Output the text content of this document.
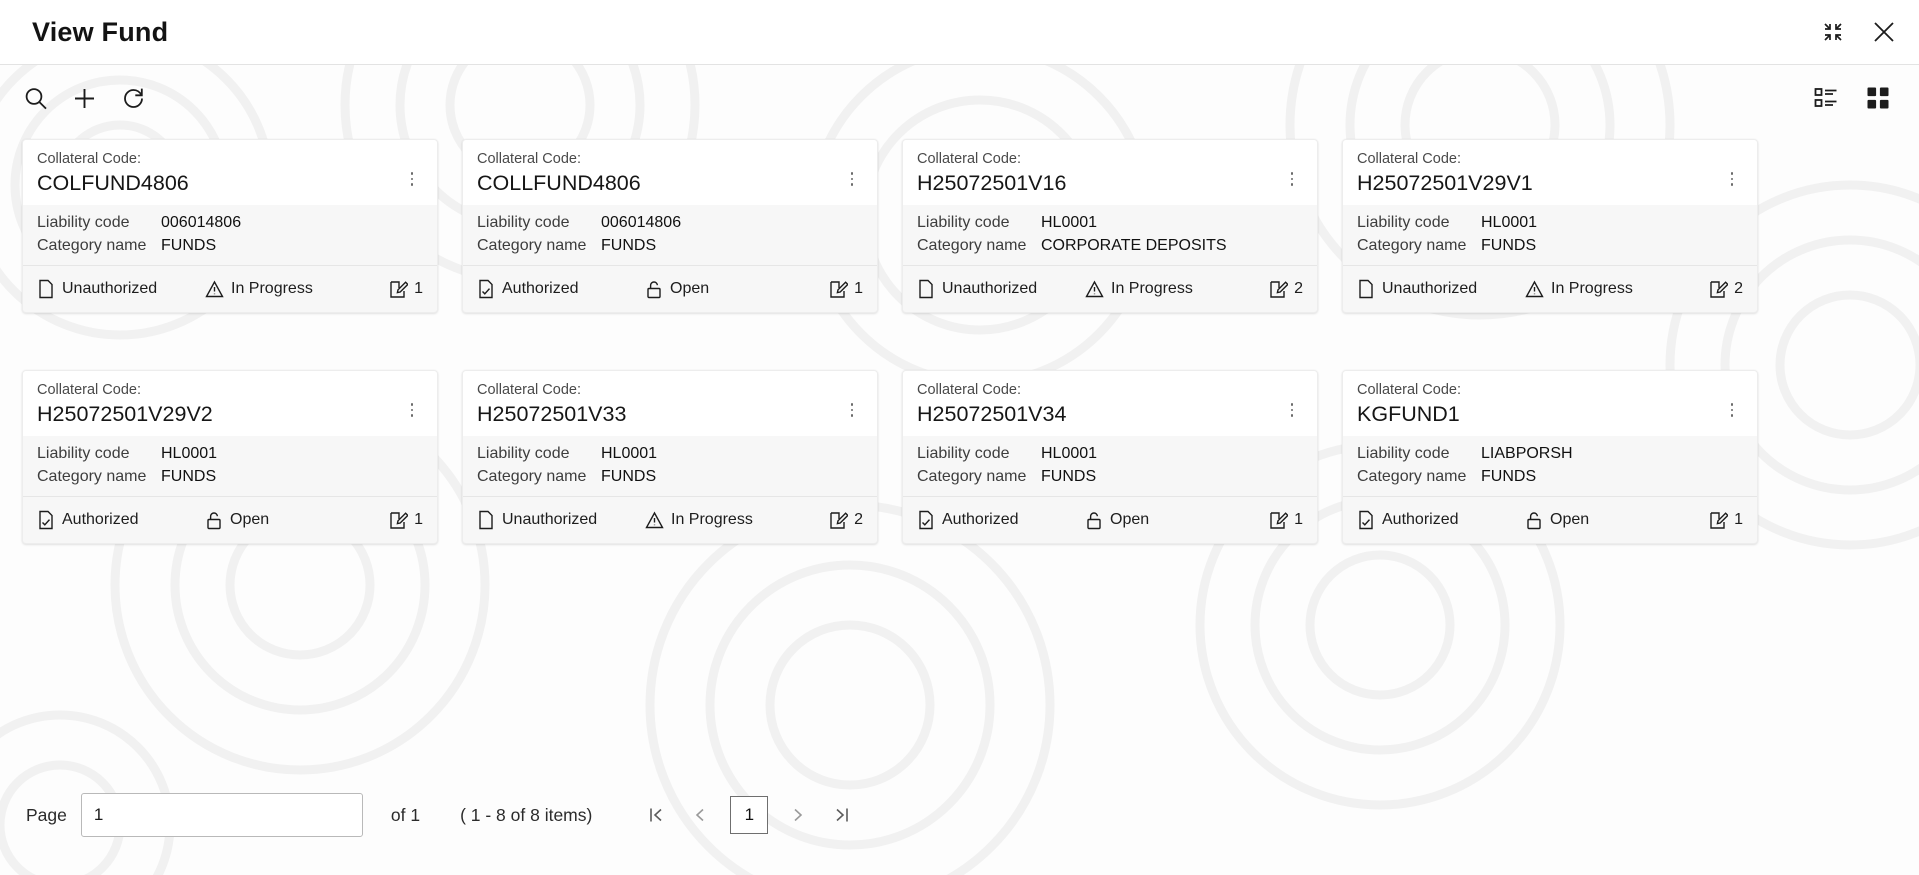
View Fund
Collateral Code:
COLFUND4806
Liability code	006014806
Category name FUNDS
Unauthorized	In Progress	1
Collateral Code:
COLLFUND4806
Liability code	006014806
Category name FUNDS
Authorized	Open	1
Collateral Code:
H25072501V16
Liability code	HL0001
Category name CORPORATE DEPOSITS
Unauthorized	In Progress	2
Collateral Code:
H25072501V29V1
Liability code	HL0001
Category name FUNDS
Unauthorized	In Progress	2
Collateral Code:
H25072501V29V2
Liability code	HL0001
Category name FUNDS
Authorized	Open	1
Collateral Code:
H25072501V33
Liability code	HL0001
Category name FUNDS
Unauthorized	In Progress	2
Collateral Code:
H25072501V34
Liability code	HL0001
Category name FUNDS
Authorized	Open	1
Collateral Code:
KGFUND1
Liability code	LIABPORSH
Category name FUNDS
Authorized	Open	1
Page
1	of 1 ( 1 - 8 of 8 items)	1
